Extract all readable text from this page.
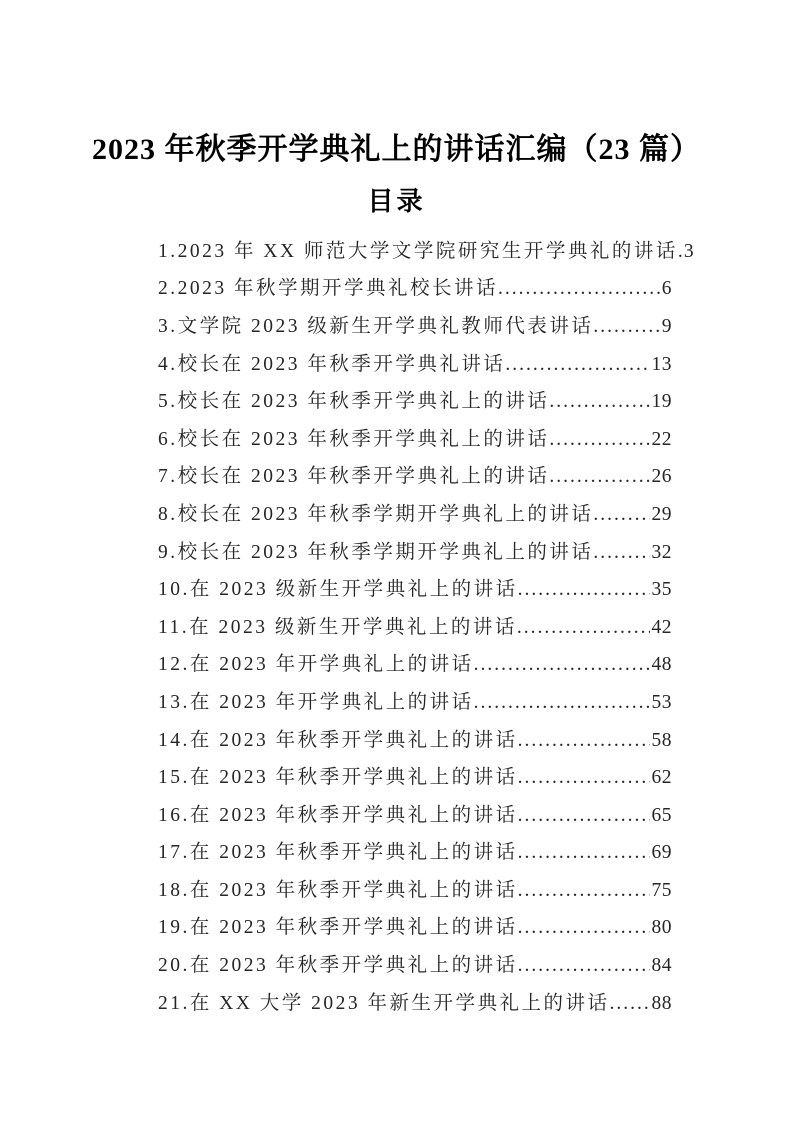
2023 年秋季开学典礼上的讲话汇编（23 篇）
目录
1.2023 年 XX 师范大学文学院研究生开学典礼的讲话 ..... 3
2.2023 年秋学期开学典礼校长讲话 .....	6
3.文学院 2023 级新生开学典礼教师代表讲话 .....	9
4.校长在 2023 年秋季开学典礼讲话 .....	13
5.校长在 2023 年秋季开学典礼上的讲话 .....	19
6.校长在 2023 年秋季开学典礼上的讲话 .....	22
7.校长在 2023 年秋季开学典礼上的讲话 .....	26
8.校长在 2023 年秋季学期开学典礼上的讲话 .....	29
9.校长在 2023 年秋季学期开学典礼上的讲话 .....	32
10.在 2023 级新生开学典礼上的讲话 .....	35
11.在 2023 级新生开学典礼上的讲话 .....	42
12.在 2023 年开学典礼上的讲话 .....	48
13.在 2023 年开学典礼上的讲话 .....	53
14.在 2023 年秋季开学典礼上的讲话 .....	58
15.在 2023 年秋季开学典礼上的讲话 .....	62
16.在 2023 年秋季开学典礼上的讲话 .....	65
17.在 2023 年秋季开学典礼上的讲话 .....	69
18.在 2023 年秋季开学典礼上的讲话 .....	75
19.在 2023 年秋季开学典礼上的讲话 .....	80
20.在 2023 年秋季开学典礼上的讲话 .....	84
21.在 XX 大学 2023 年新生开学典礼上的讲话 ..... 88
